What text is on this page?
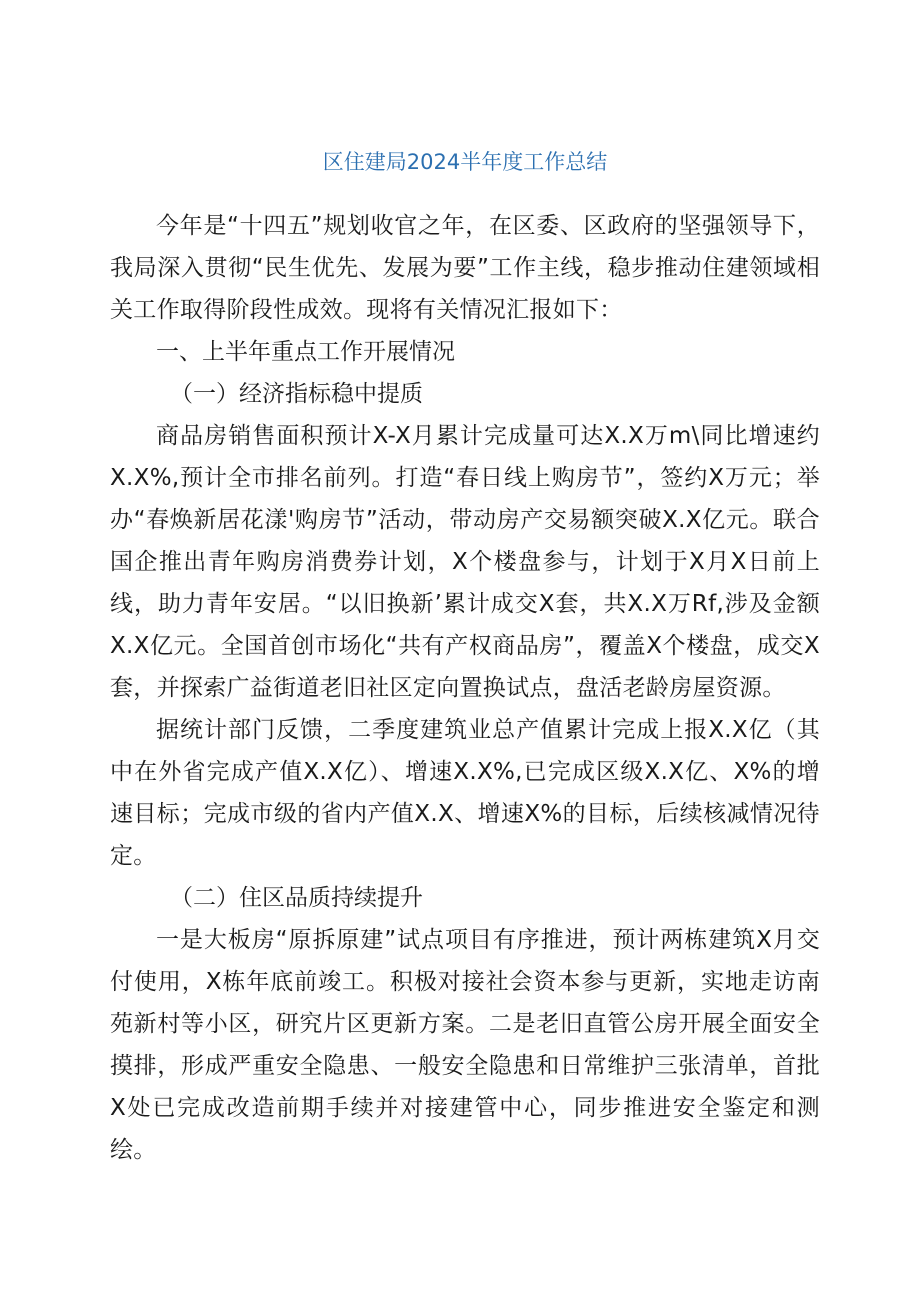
区住建局2024半年度工作总结

今年是“十四五”规划收官之年，在区委、区政府的坚强领导下，我局深入贯彻“民生优先、发展为要”工作主线，稳步推动住建领域相关工作取得阶段性成效。现将有关情况汇报如下：

一、上半年重点工作开展情况

（一）经济指标稳中提质

商品房销售面积预计X-X月累计完成量可达X.X万m\同比增速约X.X%,预计全市排名前列。打造“春日线上购房节”，签约X万元；举办“春焕新居花漾'购房节”活动，带动房产交易额突破X.X亿元。联合国企推出青年购房消费券计划，X个楼盘参与，计划于X月X日前上线，助力青年安居。“以旧换新’累计成交X套，共X.X万Rf,涉及金额X.X亿元。全国首创市场化“共有产权商品房”，覆盖X个楼盘，成交X套，并探索广益街道老旧社区定向置换试点，盘活老龄房屋资源。

据统计部门反馈，二季度建筑业总产值累计完成上报X.X亿（其中在外省完成产值X.X亿）、增速X.X%,已完成区级X.X亿、X%的增速目标；完成市级的省内产值X.X、增速X%的目标，后续核减情况待定。

（二）住区品质持续提升

一是大板房“原拆原建”试点项目有序推进，预计两栋建筑X月交付使用，X栋年底前竣工。积极对接社会资本参与更新，实地走访南苑新村等小区，研究片区更新方案。二是老旧直管公房开展全面安全摸排，形成严重安全隐患、一般安全隐患和日常维护三张清单，首批X处已完成改造前期手续并对接建管中心，同步推进安全鉴定和测绘。
